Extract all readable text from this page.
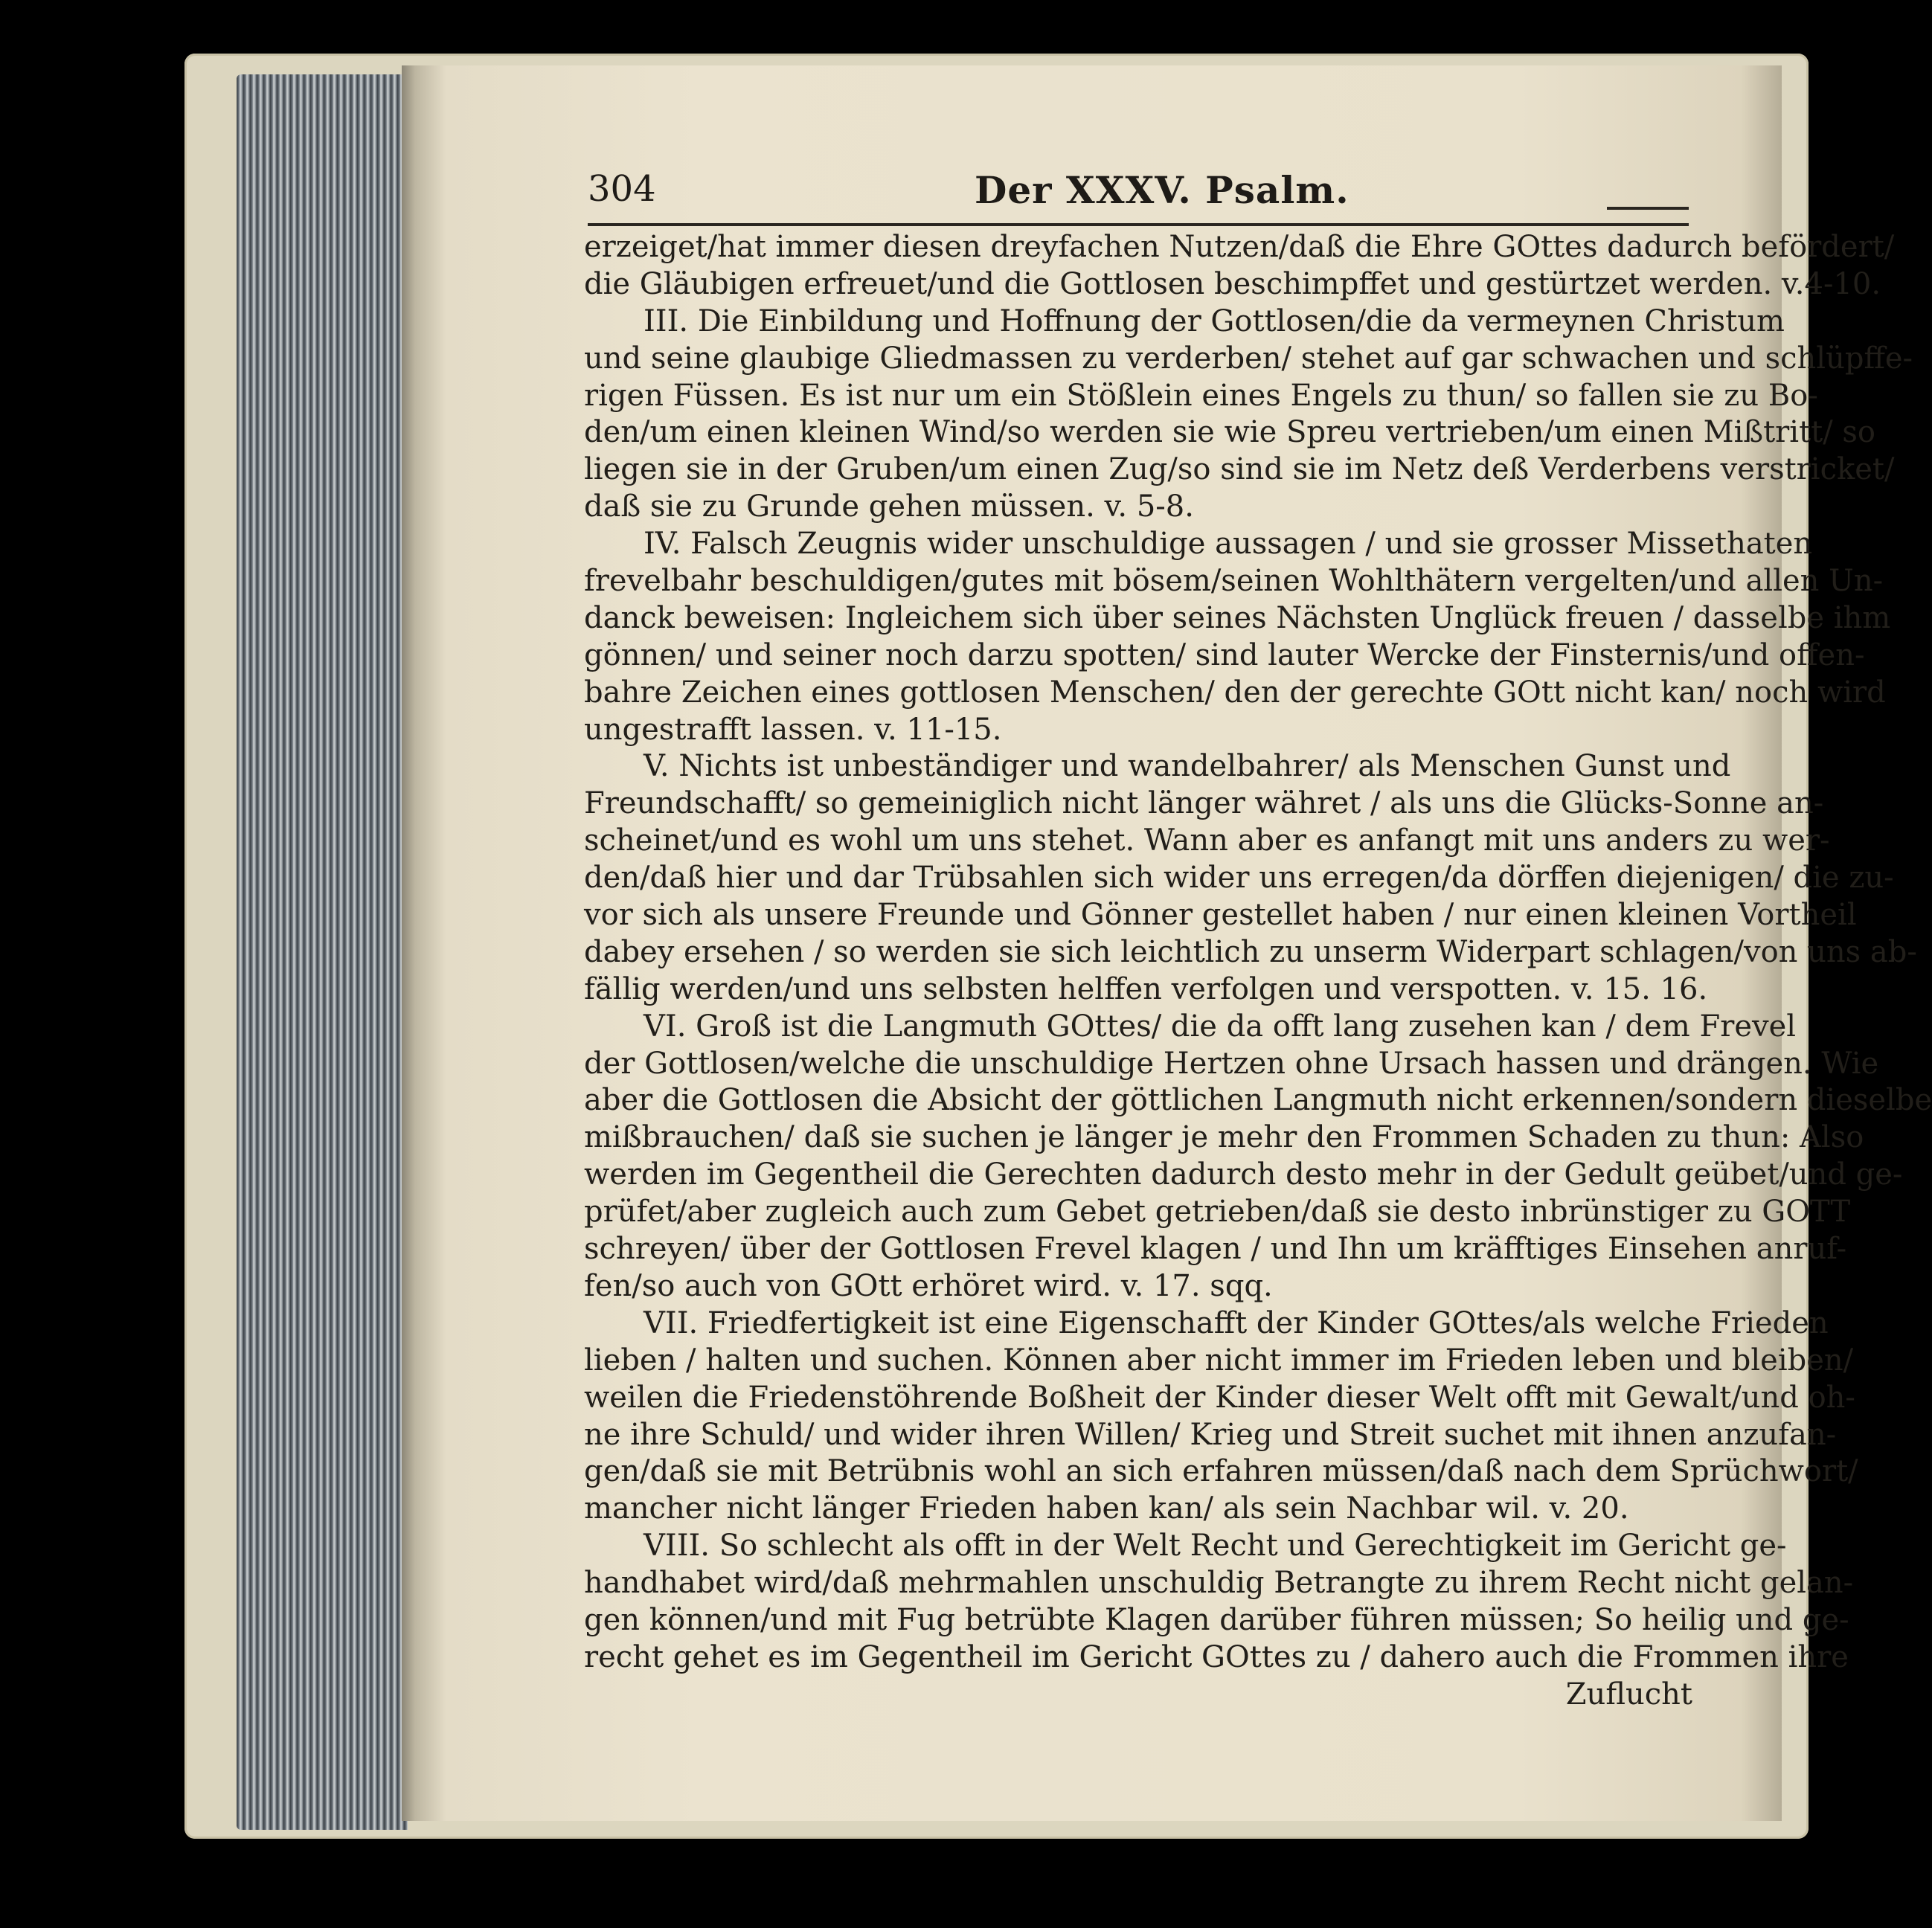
304	Der XXXV. Psalm.
erzeiget/hat immer diesen dreyfachen Nutzen/daß die Ehre GOttes dadurch befördert/
die Gläubigen erfreuet/und die Gottlosen beschimpffet und gestürtzet werden. v.4-10.
III. Die Einbildung und Hoffnung der Gottlosen/die da vermeynen Christum
und seine glaubige Gliedmassen zu verderben/ stehet auf gar schwachen und schlüpffe-
rigen Füssen. Es ist nur um ein Stößlein eines Engels zu thun/ so fallen sie zu Bo-
den/um einen kleinen Wind/so werden sie wie Spreu vertrieben/um einen Mißtritt/ so
liegen sie in der Gruben/um einen Zug/so sind sie im Netz deß Verderbens verstricket/
daß sie zu Grunde gehen müssen. v. 5-8.
IV. Falsch Zeugnis wider unschuldige aussagen / und sie grosser Missethaten
frevelbahr beschuldigen/gutes mit bösem/seinen Wohlthätern vergelten/und allen Un-
danck beweisen: Ingleichem sich über seines Nächsten Unglück freuen / dasselbe ihm
gönnen/ und seiner noch darzu spotten/ sind lauter Wercke der Finsternis/und offen-
bahre Zeichen eines gottlosen Menschen/ den der gerechte GOtt nicht kan/ noch wird
ungestrafft lassen. v. 11-15.
V. Nichts ist unbeständiger und wandelbahrer/ als Menschen Gunst und
Freundschafft/ so gemeiniglich nicht länger währet / als uns die Glücks-Sonne an-
scheinet/und es wohl um uns stehet. Wann aber es anfangt mit uns anders zu wer-
den/daß hier und dar Trübsahlen sich wider uns erregen/da dörffen diejenigen/ die zu-
vor sich als unsere Freunde und Gönner gestellet haben / nur einen kleinen Vortheil
dabey ersehen / so werden sie sich leichtlich zu unserm Widerpart schlagen/von uns ab-
fällig werden/und uns selbsten helffen verfolgen und verspotten. v. 15. 16.
VI. Groß ist die Langmuth GOttes/ die da offt lang zusehen kan / dem Frevel
der Gottlosen/welche die unschuldige Hertzen ohne Ursach hassen und drängen. Wie
aber die Gottlosen die Absicht der göttlichen Langmuth nicht erkennen/sondern dieselbe
mißbrauchen/ daß sie suchen je länger je mehr den Frommen Schaden zu thun: Also
werden im Gegentheil die Gerechten dadurch desto mehr in der Gedult geübet/und ge-
prüfet/aber zugleich auch zum Gebet getrieben/daß sie desto inbrünstiger zu GOTT
schreyen/ über der Gottlosen Frevel klagen / und Ihn um kräfftiges Einsehen anruf-
fen/so auch von GOtt erhöret wird. v. 17. sqq.
VII. Friedfertigkeit ist eine Eigenschafft der Kinder GOttes/als welche Frieden
lieben / halten und suchen. Können aber nicht immer im Frieden leben und bleiben/
weilen die Friedenstöhrende Boßheit der Kinder dieser Welt offt mit Gewalt/und oh-
ne ihre Schuld/ und wider ihren Willen/ Krieg und Streit suchet mit ihnen anzufan-
gen/daß sie mit Betrübnis wohl an sich erfahren müssen/daß nach dem Sprüchwort/
mancher nicht länger Frieden haben kan/ als sein Nachbar wil. v. 20.
VIII. So schlecht als offt in der Welt Recht und Gerechtigkeit im Gericht ge-
handhabet wird/daß mehrmahlen unschuldig Betrangte zu ihrem Recht nicht gelan-
gen können/und mit Fug betrübte Klagen darüber führen müssen; So heilig und ge-
recht gehet es im Gegentheil im Gericht GOttes zu / dahero auch die Frommen ihre
Zuflucht
